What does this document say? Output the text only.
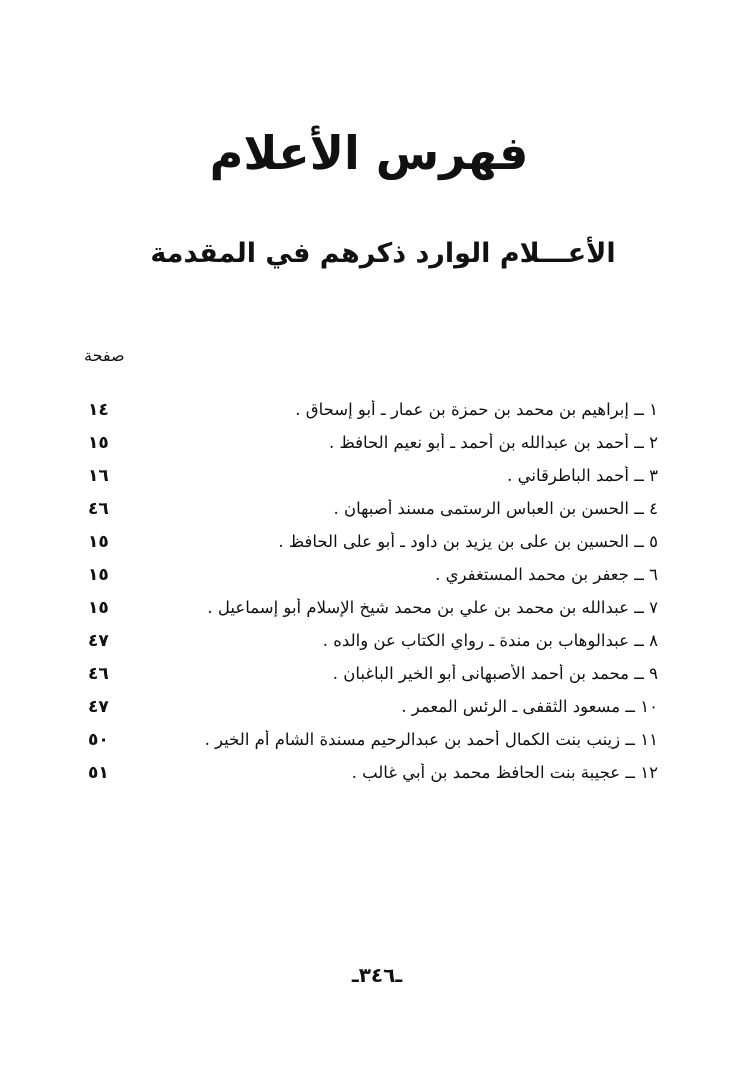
فهرس الأعلام
الأعـــلام الوارد ذكرهم في المقدمة
صفحة
١ ــ إبراهيم بن محمد بن حمزة بن عمار ـ أبو إسحاق .
١٤
٢ ــ أحمد بن عبدالله بن أحمد ـ أبو نعيم الحافظ .
١٥
٣ ــ أحمد الباطرقاني .
١٦
٤ ــ الحسن بن العباس الرستمى مسند أصبهان .
٤٦
٥ ــ الحسين بن على بن يزيد بن داود ـ أبو على الحافظ .
١٥
٦ ــ جعفر بن محمد المستغفري .
١٥
٧ ــ عبدالله بن محمد بن علي بن محمد شيخ الإسلام أبو إسماعيل .
١٥
٨ ــ عبدالوهاب بن مندة ـ رواي الكتاب عن والده .
٤٧
٩ ــ محمد بن أحمد الأصبهانى أبو الخير الباغبان .
٤٦
١٠ ــ مسعود الثقفى ـ الرئس المعمر .
٤٧
١١ ــ زينب بنت الكمال أحمد بن عبدالرحيم مسندة الشام أم الخير .
٥٠
١٢ ــ عجيبة بنت الحافظ محمد بن أبي غالب .
٥١
ـ٣٤٦ـ
